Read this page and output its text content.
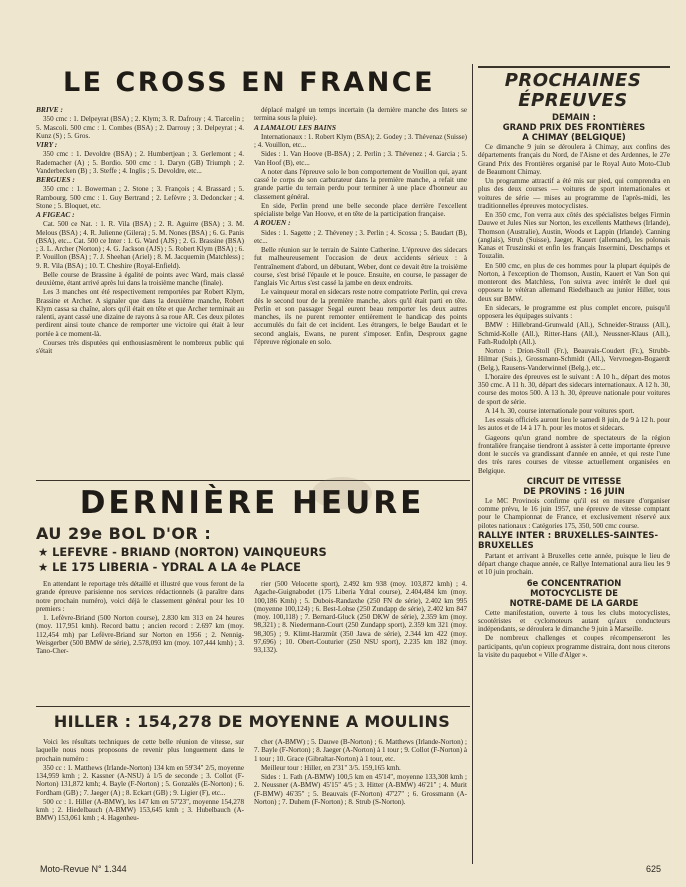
LE CROSS EN FRANCE

BRIVE :

350 cmc : 1. Delpeyrat (BSA) ; 2. Klym; 3. R. Dafrouy ; 4. Tiarcelin ; 5. Mascoli. 500 cmc : 1. Combes (BSA) ; 2. Darrouy ; 3. Delpeyrat ; 4. Kunz (S) ; 5. Gros.

VIRY :

350 cmc : 1. Devoldre (BSA) ; 2. Humbertjean ; 3. Gerlemont ; 4. Rademacher (A) ; 5. Bordio. 500 cmc : 1. Daryn (GB) Triumph ; 2. Vanderbecken (B) ; 3. Steffe ; 4. Inglis ; 5. Devoldre, etc...

BERGUES :

350 cmc : 1. Bowerman ; 2. Stone ; 3. François ; 4. Brassard ; 5. Rambourg. 500 cmc : 1. Guy Bertrand ; 2. Lefèvre ; 3. Dedoncker ; 4. Stone ; 5. Bloquet, etc.

A FIGEAC :

Cat. 500 ce Nat. : 1. R. Vila (BSA) ; 2. R. Aguirre (BSA) ; 3. M. Melous (BSA) ; 4. R. Julienne (Gilera) ; 5. M. Nones (BSA) ; 6. G. Panis (BSA), etc... Cat. 500 ce Inter : 1. G. Ward (AJS) ; 2. G. Brassine (BSA) ; 3. L. Archer (Norton) ; 4. G. Jackson (AJS) ; 5. Robert Klym (BSA) ; 6. P. Vouillon (BSA) ; 7. J. Sheehan (Ariel) ; 8. M. Jacquemin (Matchless) ; 9. R. Vila (BSA) ; 10. T. Cheshire (Royal-Enfield).

Belle course de Brassine à égalité de points avec Ward, mais classé deuxième, étant arrivé après lui dans la troisième manche (finale).

Les 3 manches ont été respectivement remportées par Robert Klym, Brassine et Archer. A signaler que dans la deuxième manche, Robert Klym cassa sa chaîne, alors qu'il était en tête et que Archer terminait au ralenti, ayant cassé une dizaine de rayons à sa roue AR. Ces deux pilotes perdirent ainsi toute chance de remporter une victoire qui était à leur portée à ce moment-là.

Courses très disputées qui enthousiasmèrent le nombreux public qui s'était

déplacé malgré un temps incertain (la dernière manche des Inters se termina sous la pluie).

A LAMALOU LES BAINS

Internationaux : 1. Robert Klym (BSA); 2. Godey ; 3. Thévenaz (Suisse) ; 4. Vouillon, etc...

Sides : 1. Van Hoove (B-BSA) ; 2. Perlin ; 3. Thévenez ; 4. Garcia ; 5. Van Hoof (B), etc...

A noter dans l'épreuve solo le bon comportement de Vouillon qui, ayant cassé le corps de son carburateur dans la première manche, a refait une grande partie du terrain perdu pour terminer à une place d'honneur au classement général.

En side, Perlin prend une belle seconde place derrière l'excellent spécialiste belge Van Hoove, et en tête de la participation française.

A ROUEN :

Sides : 1. Sagette ; 2. Théveney ; 3. Perlin ; 4. Scossa ; 5. Baudart (B), etc...

Belle réunion sur le terrain de Sainte Catherine. L'épreuve des sidecars fut malheureusement l'occasion de deux accidents sérieux : à l'entraînement d'abord, un débutant, Weber, dont ce devait être la troisième course, s'est brisé l'épaule et le pouce. Ensuite, en course, le passager de l'anglais Vic Artus s'est cassé la jambe en deux endroits.

Le vainqueur moral en sidecars reste notre compatriote Perlin, qui creva dès le second tour de la première manche, alors qu'il était parti en tête. Perlin et son passager Segal eurent beau remporter les deux autres manches, ils ne purent remonter entièrement le handicap des points accumulés du fait de cet incident. Les étrangers, le belge Baudart et le second anglais, Ewans, ne purent s'imposer. Enfin, Desproux gagne l'épreuve régionale en solo.

DERNIÈRE HEURE
AU 29e BOL D'OR :
★ LEFEVRE - BRIAND (NORTON) VAINQUEURS
★ LE 175 LIBERIA - YDRAL A LA 4e PLACE

En attendant le reportage très détaillé et illustré que vous feront de la grande épreuve parisienne nos services rédactionnels (à paraître dans notre prochain numéro), voici déjà le classement général pour les 10 premiers :

1. Lefèvre-Briand (500 Norton course), 2.830 km 313 en 24 heures (moy. 117,951 kmh). Record battu ; ancien record : 2.697 km (moy. 112,454 mh) par Lefèvre-Briand sur Norton en 1956 ; 2. Nennig-Weisgerber (500 BMW de série), 2.578,093 km (moy. 107,444 kmh) ; 3. Tano-Cher-

rier (500 Velocette sport), 2.492 km 938 (moy. 103,872 kmh) ; 4. Agache-Guignabodet (175 Liberia Ydral course), 2.404,484 km (moy. 100,186 Kmh) ; 5. Dubois-Randaxhe (250 FN de série), 2.402 km 995 (moyenne 100,124) ; 6. Best-Lohse (250 Zundapp de série), 2.402 km 847 (moy. 100,118) ; 7. Bernard-Gluck (250 DKW de série), 2.359 km (moy. 98,321) ; 8. Niedermann-Court (250 Zundapp sport), 2.359 km 321 (moy. 98,305) ; 9. Klimt-Harzmüt (350 Jawa de série), 2.344 km 422 (moy. 97,696) ; 10. Obert-Couturier (250 NSU sport), 2.235 km 182 (moy. 93,132).

HILLER : 154,278 DE MOYENNE A MOULINS

Voici les résultats techniques de cette belle réunion de vitesse, sur laquelle nous nous proposons de revenir plus longuement dans le prochain numéro :

350 cc : 1. Matthews (Irlande-Norton) 134 km en 59'34" 2/5, moyenne 134,959 kmh ; 2. Kassner (A-NSU) à 1/5 de seconde ; 3. Collot (F-Norton) 131,872 kmh; 4. Bayle (F-Norton) ; 5. Gonzalès (E-Norton) ; 6. Fordham (GB) ; 7. Jaeger (A) ; 8. Eckart (GB) ; 9. Ligier (F), etc...

500 cc : 1. Hiller (A-BMW), les 147 km en 57'23", moyenne 154,278 kmh ; 2. Hiedelbauch (A-BMW) 153,645 kmh ; 3. Hubelbauch (A-BMW) 153,061 kmh ; 4. Hagenheu-

cher (A-BMW) ; 5. Dauwe (B-Norton) ; 6. Matthews (Irlande-Norton) ; 7. Bayle (F-Norton) ; 8. Jaeger (A-Norton) à 1 tour ; 9. Collot (F-Norton) à 1 tour ; 10. Grace (Gibraltar-Norton) à 1 tour, etc.

Meilleur tour : Hiller, en 2'31" 3/5. 159,165 kmh.

Sides : 1. Fath (A-BMW) 100,5 km en 45'14", moyenne 133,308 kmh ; 2. Neussner (A-BMW) 45'15" 4/5 ; 3. Hitter (A-BMW) 46'21" ; 4. Murit (F-BMW) 46'35" ; 5. Beauvais (F-Norton) 47'27" ; 6. Grossmann (A-Norton) ; 7. Duhem (F-Norton) ; 8. Strub (S-Norton).

PROCHAINES
ÉPREUVES

DEMAIN :
GRAND PRIX DES FRONTIÈRES
A CHIMAY (BELGIQUE)

Ce dimanche 9 juin se déroulera à Chimay, aux confins des départements français du Nord, de l'Aisne et des Ardennes, le 27e Grand Prix des Frontières organisé par le Royal Auto Moto-Club de Beaumont Chimay.

Un programme attractif a été mis sur pied, qui comprendra en plus des deux courses — voitures de sport internationales et voitures de série — mises au programme de l'après-midi, les traditionnelles épreuves motocyclistes.

En 350 cmc, l'on verra aux côtés des spécialistes belges Firmin Dauwe et Jules Nies sur Norton, les excellents Matthews (Irlande), Thomson (Australie), Austin, Woods et Lappin (Irlande). Canning (anglais), Strub (Suisse), Jaeger, Kauert (allemand), les polonais Kanas et Truszinski et enfin les français Insermini, Deschamps et Touzalin.

En 500 cmc, en plus de ces hommes pour la plupart équipés de Norton, à l'exception de Thomson, Austin, Kauert et Van Son qui monteront des Matchless, l'on suivra avec intérêt le duel qui opposera le vétéran allemand Riedelbauch au junior Hiller, tous deux sur BMW.

En sidecars, le programme est plus complet encore, puisqu'il opposera les équipages suivants :

BMW : Hillebrand-Grunwald (All.), Schneider-Strauss (All.), Schmid-Kolle (All.), Ritter-Hans (All.), Neussner-Klaus (All.), Fath-Rudolph (All.).

Norton : Drion-Stoll (Fr.), Beauvais-Coudert (Fr.), Strubb-Hilmar (Suis.), Grossmann-Schmidt (All.), Vervroegen-Bogaerdt (Belg.), Rausens-Vanderwinnel (Belg.), etc...

L'horaire des épreuves est le suivant : A 10 h., départ des motos 350 cmc. A 11 h. 30, départ des sidecars internationaux. A 12 h. 30, course des motos 500. A 13 h. 30, épreuve nationale pour voitures de sport de série.

A 14 h. 30, course internationale pour voitures sport.

Les essais officiels auront lieu le samedi 8 juin, de 9 à 12 h. pour les autos et de 14 à 17 h. pour les motos et sidecars.

Gageons qu'un grand nombre de spectateurs de la région frontalière française tiendront à assister à cette importante épreuve dont le succès va grandissant d'année en année, et qui reste l'une des très rares courses de vitesse actuellement organisées en Belgique.

CIRCUIT DE VITESSE
DE PROVINS : 16 JUIN

Le MC Provinois confirme qu'il est en mesure d'organiser comme prévu, le 16 juin 1957, une épreuve de vitesse comptant pour le Championnat de France, et exclusivement réservé aux pilotes nationaux : Catégories 175, 350, 500 cmc course.

RALLYE INTER : BRUXELLES-SAINTES-BRUXELLES

Partant et arrivant à Bruxelles cette année, puisque le lieu de départ change chaque année, ce Rallye International aura lieu les 9 et 10 juin prochain.

6e CONCENTRATION
MOTOCYCLISTE DE
NOTRE-DAME DE LA GARDE

Cette manifestation, ouverte à tous les clubs motocyclistes, scootéristes et cyclomoteurs autant qu'aux conducteurs indépendants, se déroulera le dimanche 9 juin à Marseille.

De nombreux challenges et coupes récompenseront les participants, qu'un copieux programme distraira, dont nous citerons la visite du paquebot « Ville d'Alger ».

Moto-Revue N° 1.344	625
